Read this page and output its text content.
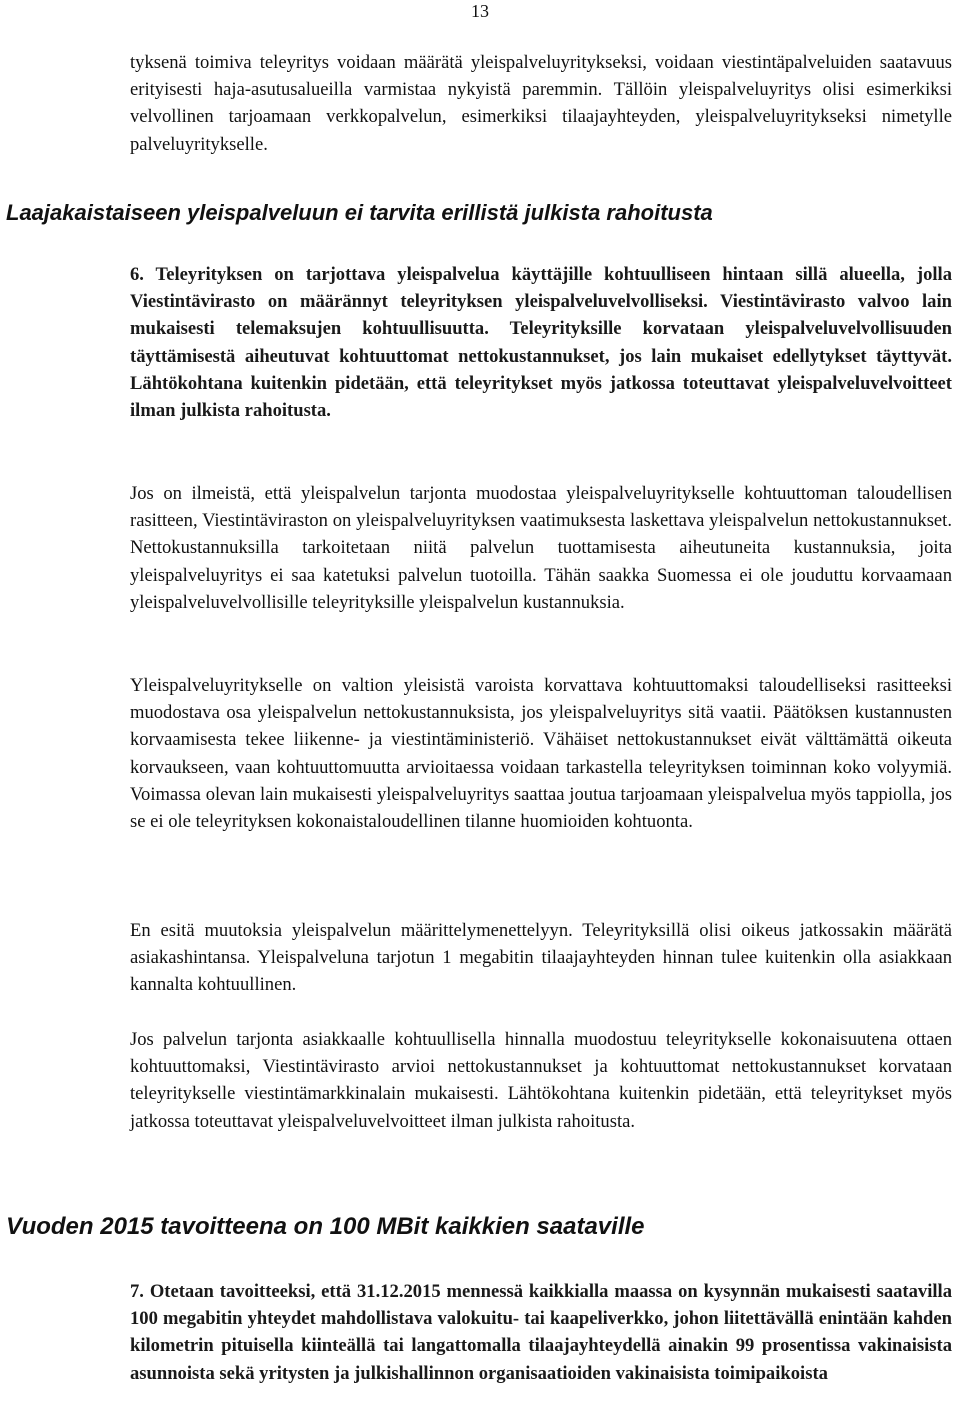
13

tyksenä toimiva teleyritys voidaan määrätä yleispalveluyritykseksi, voidaan viestintäpalveluiden saatavuus erityisesti haja-asutusalueilla varmistaa nykyistä paremmin. Tällöin yleispalveluyritys olisi esimerkiksi velvollinen tarjoamaan verkkopalvelun, esimerkiksi tilaajayhteyden, yleispalveluyritykseksi nimetylle palveluyritykselle.

Laajakaistaiseen yleispalveluun ei tarvita erillistä julkista rahoitusta

6. Teleyrityksen on tarjottava yleispalvelua käyttäjille kohtuulliseen hintaan sillä alueella, jolla Viestintävirasto on määrännyt teleyrityksen yleispalveluvelvolliseksi. Viestintävirasto valvoo lain mukaisesti telemaksujen kohtuullisuutta. Teleyrityksille korvataan yleispalveluvelvollisuuden täyttämisestä aiheutuvat kohtuuttomat nettokustannukset, jos lain mukaiset edellytykset täyttyvät. Lähtökohtana kuitenkin pidetään, että teleyritykset myös jatkossa toteuttavat yleispalveluvelvoitteet ilman julkista rahoitusta.

Jos on ilmeistä, että yleispalvelun tarjonta muodostaa yleispalveluyritykselle kohtuuttoman taloudellisen rasitteen, Viestintäviraston on yleispalveluyrityksen vaatimuksesta laskettava yleispalvelun nettokustannukset. Nettokustannuksilla tarkoitetaan niitä palvelun tuottamisesta aiheutuneita kustannuksia, joita yleispalveluyritys ei saa katetuksi palvelun tuotoilla. Tähän saakka Suomessa ei ole jouduttu korvaamaan yleispalveluvelvollisille teleyrityksille yleispalvelun kustannuksia.

Yleispalveluyritykselle on valtion yleisistä varoista korvattava kohtuuttomaksi taloudelliseksi rasitteeksi muodostava osa yleispalvelun nettokustannuksista, jos yleispalveluyritys sitä vaatii. Päätöksen kustannusten korvaamisesta tekee liikenne- ja viestintäministeriö. Vähäiset nettokustannukset eivät välttämättä oikeuta korvaukseen, vaan kohtuuttomuutta arvioitaessa voidaan tarkastella teleyrityksen toiminnan koko volyymiä. Voimassa olevan lain mukaisesti yleispalveluyritys saattaa joutua tarjoamaan yleispalvelua myös tappiolla, jos se ei ole teleyrityksen kokonaistaloudellinen tilanne huomioiden kohtuonta.

En esitä muutoksia yleispalvelun määrittelymenettelyyn. Teleyrityksillä olisi oikeus jatkossakin määrätä asiakashintansa. Yleispalveluna tarjotun 1 megabitin tilaajayhteyden hinnan tulee kuitenkin olla asiakkaan kannalta kohtuullinen.

Jos palvelun tarjonta asiakkaalle kohtuullisella hinnalla muodostuu teleyritykselle kokonaisuutena ottaen kohtuuttomaksi, Viestintävirasto arvioi nettokustannukset ja kohtuuttomat nettokustannukset korvataan teleyritykselle viestintämarkkinalain mukaisesti. Lähtökohtana kuitenkin pidetään, että teleyritykset myös jatkossa toteuttavat yleispalveluvelvoitteet ilman julkista rahoitusta.

Vuoden 2015 tavoitteena on 100 MBit kaikkien saataville

7. Otetaan tavoitteeksi, että 31.12.2015 mennessä kaikkialla maassa on kysynnän mukaisesti saatavilla 100 megabitin yhteydet mahdollistava valokuitu- tai kaapeliverkko, johon liitettävällä enintään kahden kilometrin pituisella kiinteällä tai langattomalla tilaajayhteydellä ainakin 99 prosentissa vakinaisista asunnoista sekä yritysten ja julkishallinnon organisaatioiden vakinaisista toimipaikoista
